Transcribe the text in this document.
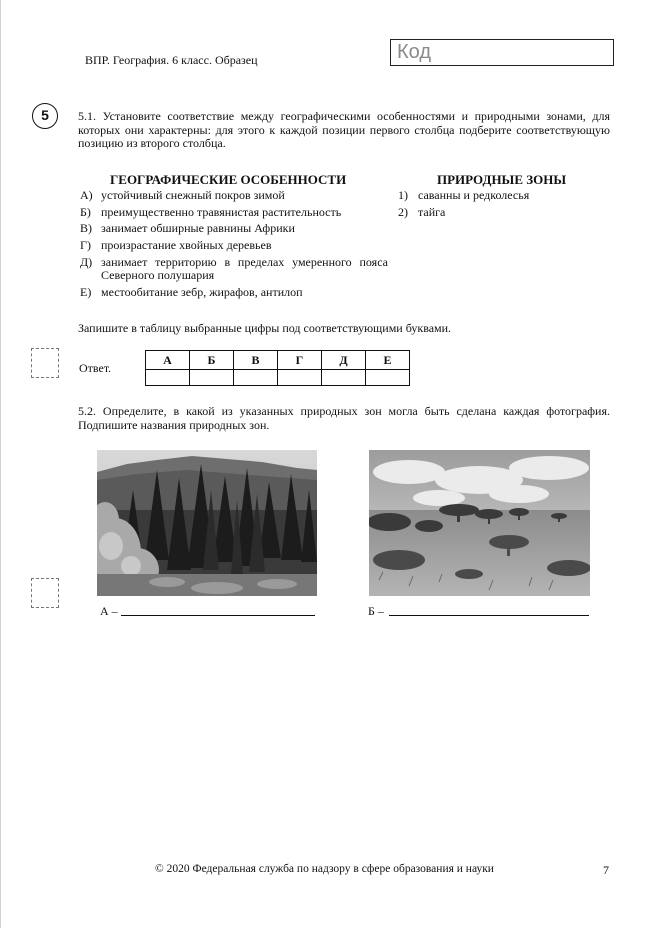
ВПР. География. 6 класс. Образец	Код
5	5.1. Установите соответствие между географическими особенностями и природными зонами, для которых они характерны: для этого к каждой позиции первого столбца подберите соответствующую позицию из второго столбца.
ГЕОГРАФИЧЕСКИЕ ОСОБЕННОСТИ	ПРИРОДНЫЕ ЗОНЫ
А) устойчивый снежный покров зимой
Б) преимущественно травянистая растительность
В) занимает обширные равнины Африки
Г) произрастание хвойных деревьев
Д) занимает территорию в пределах умеренного пояса Северного полушария
Е) местообитание зебр, жирафов, антилоп
1) саванны и редколесья
2) тайга
Запишите в таблицу выбранные цифры под соответствующими буквами.
Ответ.
А	Б	В	Г	Д	Е

5.2. Определите, в какой из указанных природных зон могла быть сделана каждая фотография. Подпишите названия природных зон.
А –	Б –
© 2020 Федеральная служба по надзору в сфере образования и науки	7
